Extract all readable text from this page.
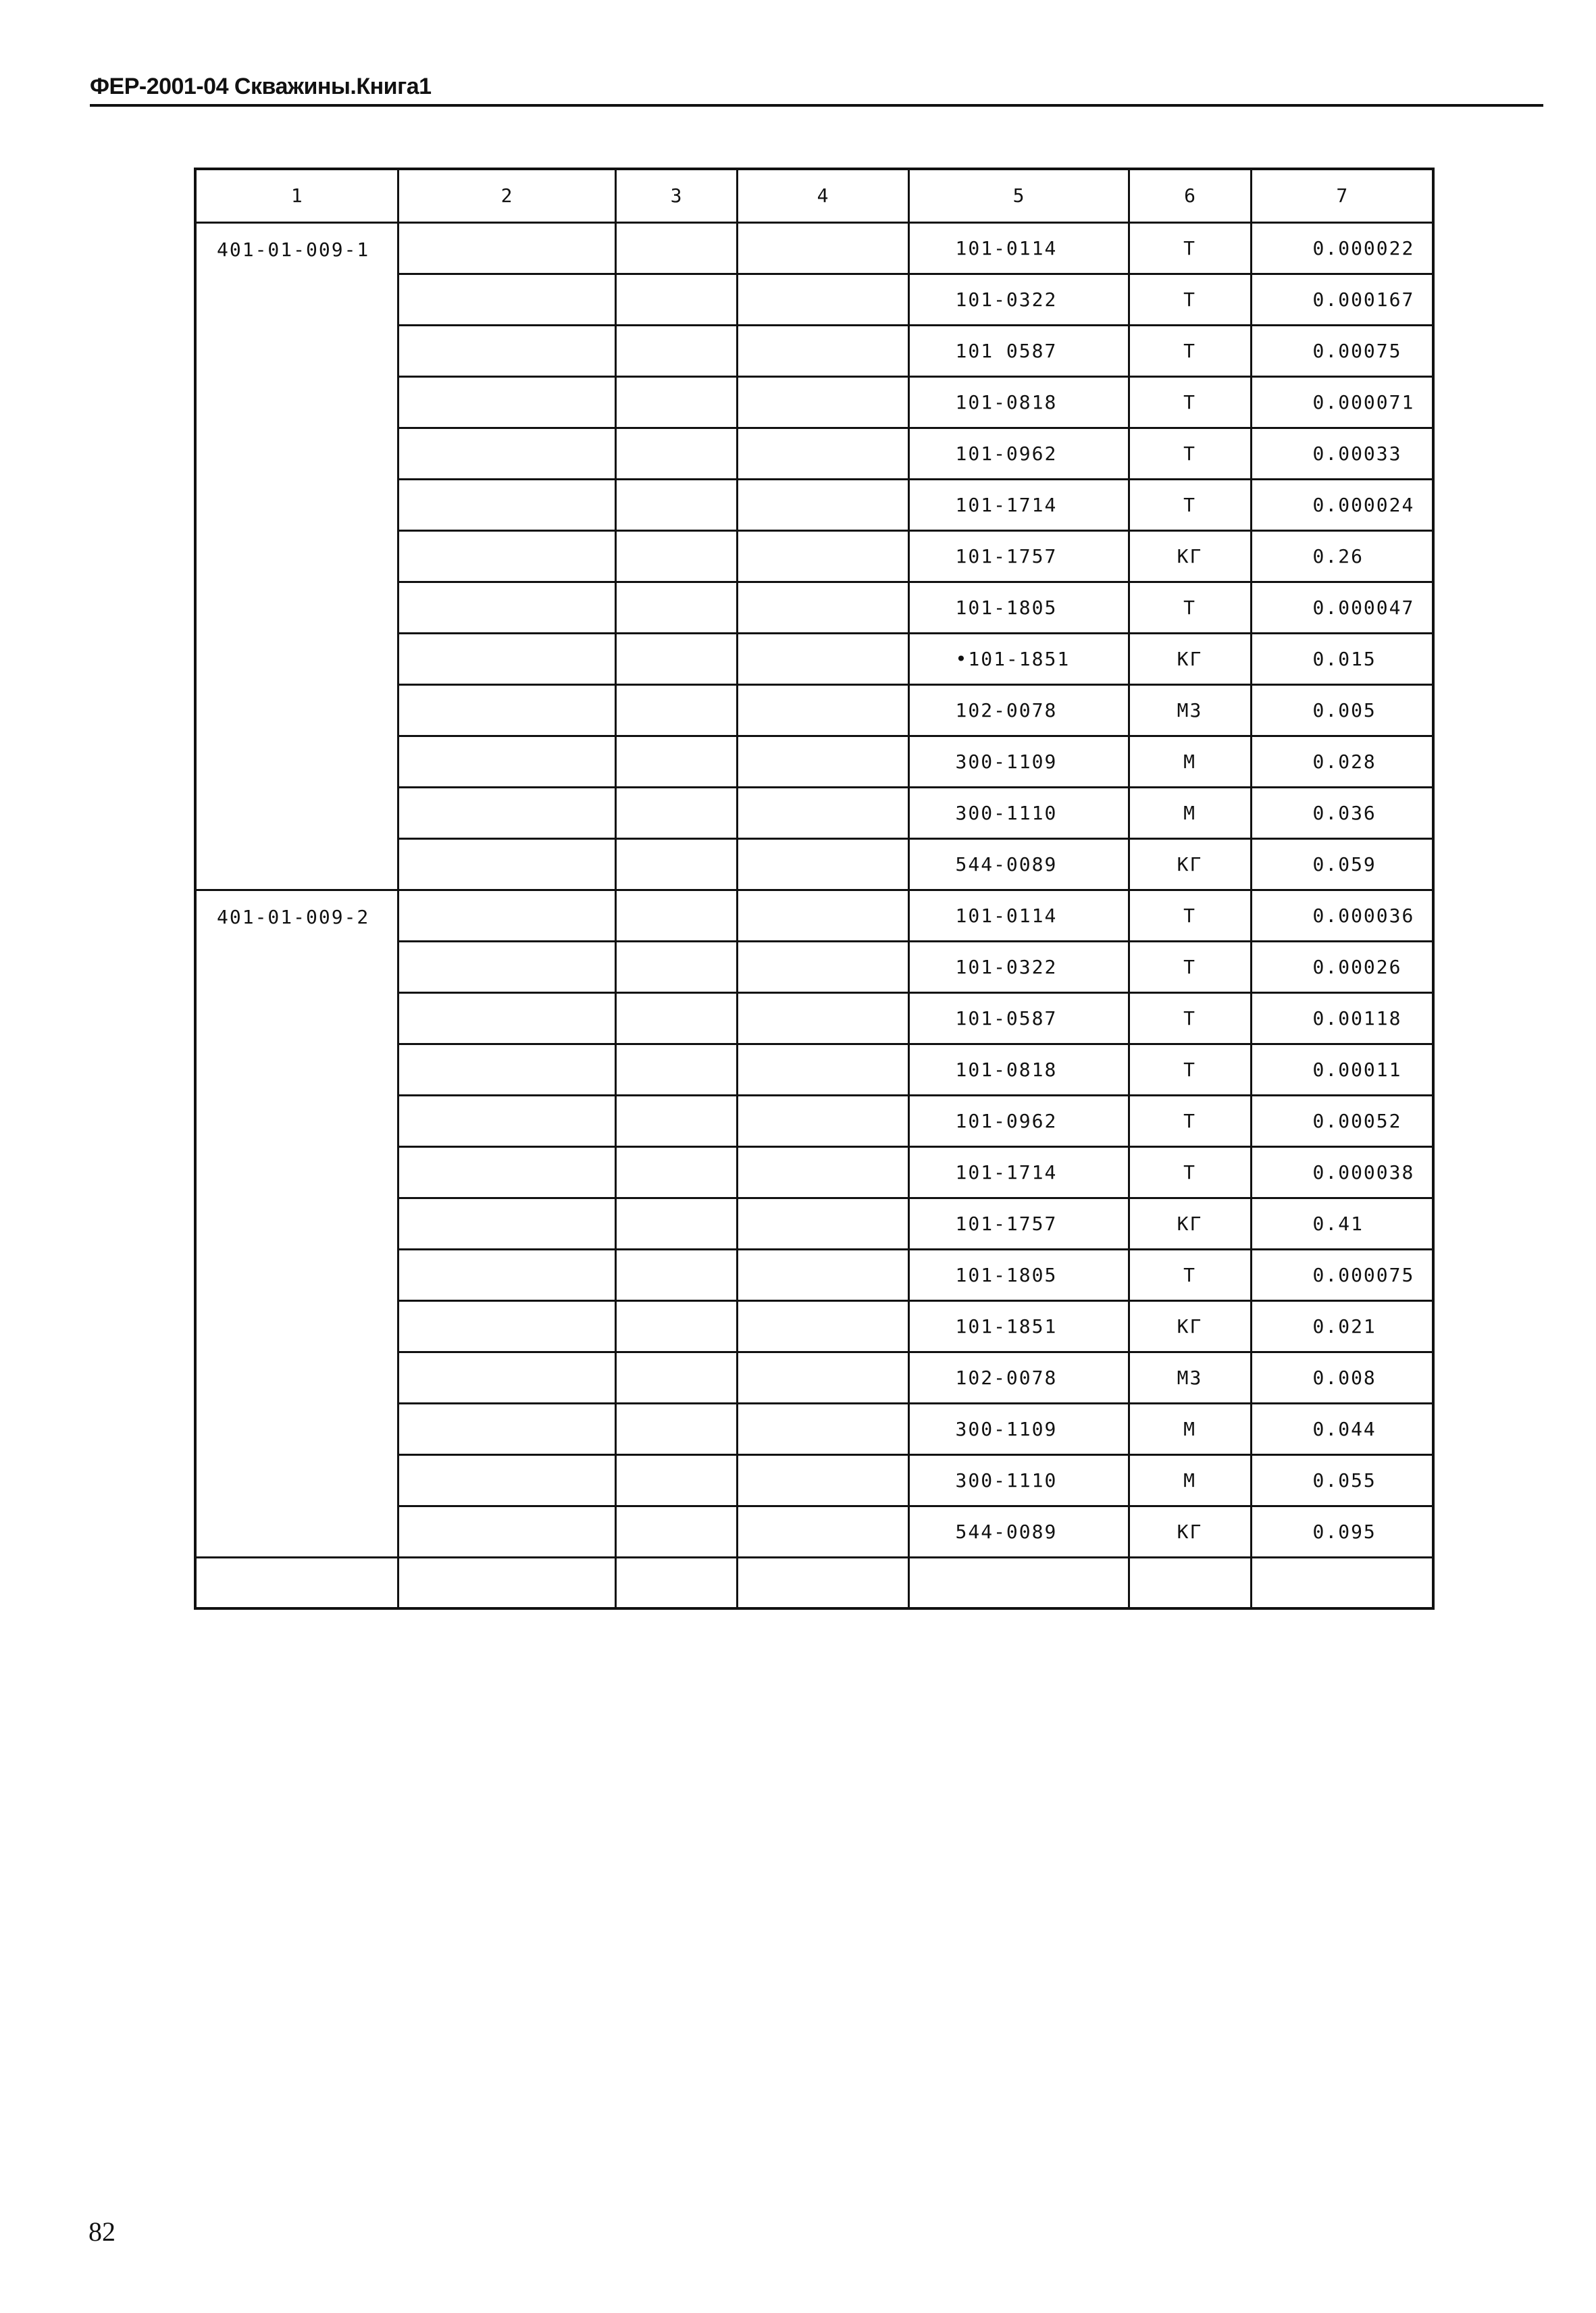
ФЕР-2001-04 Скважины.Книга1
1	2	3	4	5	6	7
401-01-009-1				101-0114	Т	0.000022
				101-0322	Т	0.000167
				101 0587	Т	0.00075
				101-0818	Т	0.000071
				101-0962	Т	0.00033
				101-1714	Т	0.000024
				101-1757	КГ	0.26
				101-1805	Т	0.000047
				•101-1851	КГ	0.015
				102-0078	М3	0.005
				300-1109	М	0.028
				300-1110	М	0.036
				544-0089	КГ	0.059
401-01-009-2				101-0114	Т	0.000036
				101-0322	Т	0.00026
				101-0587	Т	0.00118
				101-0818	Т	0.00011
				101-0962	Т	0.00052
				101-1714	Т	0.000038
				101-1757	КГ	0.41
				101-1805	Т	0.000075
				101-1851	КГ	0.021
				102-0078	М3	0.008
				300-1109	М	0.044
				300-1110	М	0.055
				544-0089	КГ	0.095

82
